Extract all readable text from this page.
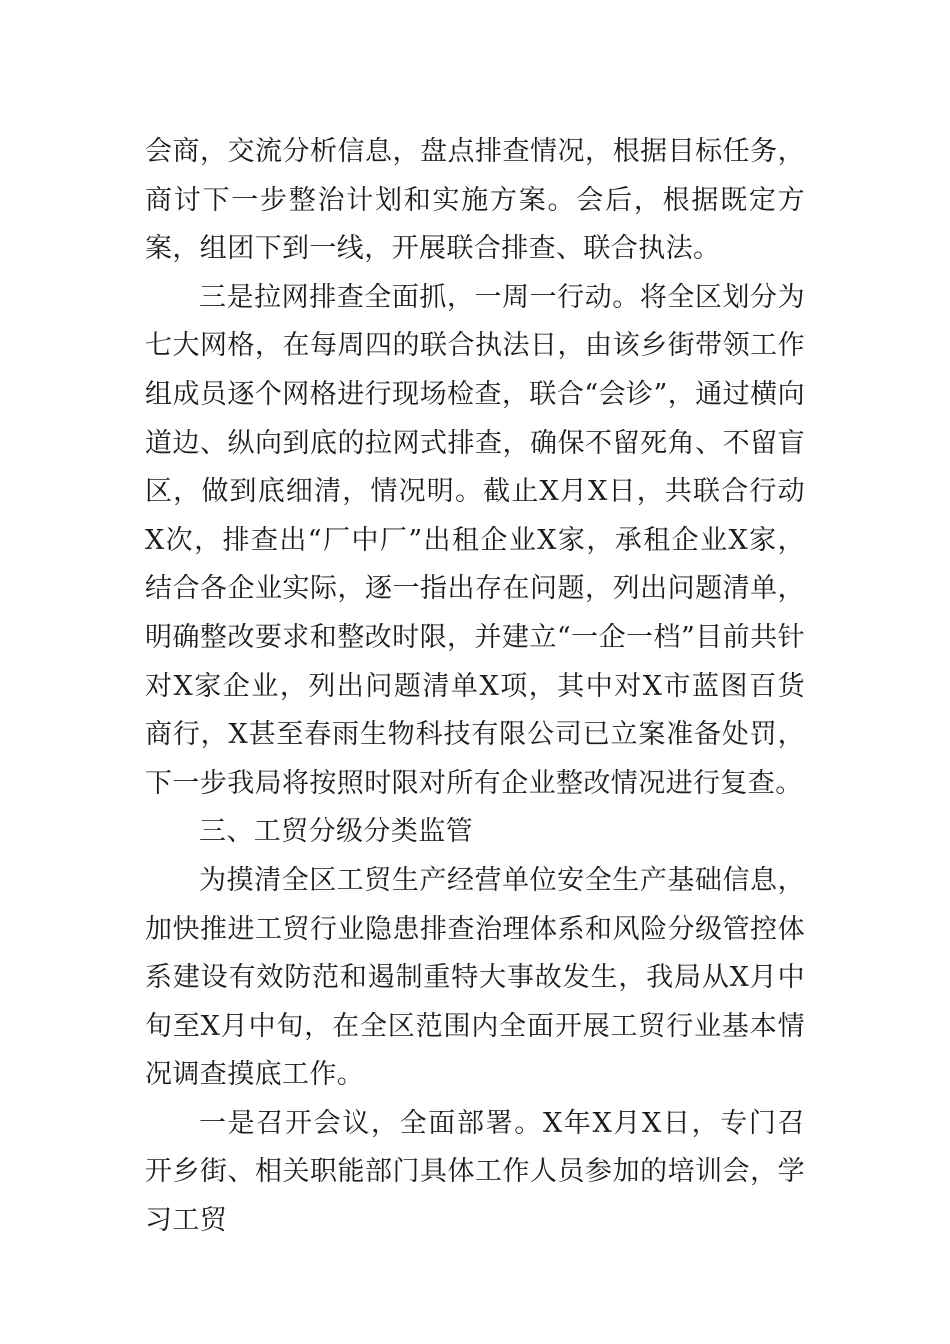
会商，交流分析信息，盘点排查情况，根据目标任务，商讨下一步整治计划和实施方案。会后，根据既定方案，组团下到一线，开展联合排查、联合执法。

三是拉网排查全面抓，一周一行动。将全区划分为七大网格，在每周四的联合执法日，由该乡街带领工作组成员逐个网格进行现场检查，联合“会诊”，通过横向道边、纵向到底的拉网式排查，确保不留死角、不留盲区，做到底细清，情况明。截止X月X日，共联合行动X次，排查出“厂中厂”出租企业X家，承租企业X家，结合各企业实际，逐一指出存在问题，列出问题清单，明确整改要求和整改时限，并建立“一企一档”目前共针对X家企业，列出问题清单X项，其中对X市蓝图百货商行，X甚至春雨生物科技有限公司已立案准备处罚，下一步我局将按照时限对所有企业整改情况进行复查。

三、工贸分级分类监管

为摸清全区工贸生产经营单位安全生产基础信息，加快推进工贸行业隐患排查治理体系和风险分级管控体系建设有效防范和遏制重特大事故发生，我局从X月中旬至X月中旬，在全区范围内全面开展工贸行业基本情况调查摸底工作。

一是召开会议，全面部署。X年X月X日，专门召开乡街、相关职能部门具体工作人员参加的培训会，学习工贸
